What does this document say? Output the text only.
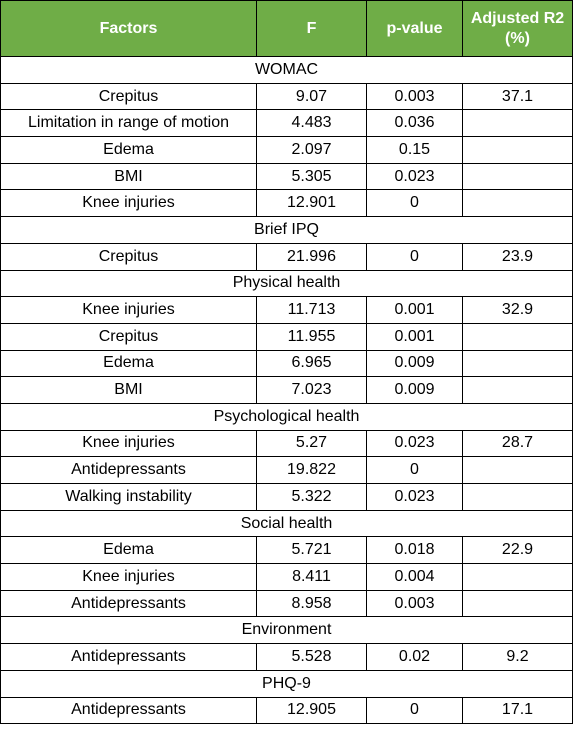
Factors	F	p-value	Adjusted R2
(%)
WOMAC			
Crepitus	9.07	0.003	37.1
Limitation in range of motion	4.483	0.036	
Edema	2.097	0.15	
BMI	5.305	0.023	
Knee injuries	12.901	0	
Brief IPQ			
Crepitus	21.996	0	23.9
Physical health			
Knee injuries	11.713	0.001	32.9
Crepitus	11.955	0.001	
Edema	6.965	0.009	
BMI	7.023	0.009	
Psychological health			
Knee injuries	5.27	0.023	28.7
Antidepressants	19.822	0	
Walking instability	5.322	0.023	
Social health			
Edema	5.721	0.018	22.9
Knee injuries	8.411	0.004	
Antidepressants	8.958	0.003	
Environment			
Antidepressants	5.528	0.02	9.2
PHQ-9			
Antidepressants	12.905	0	17.1
